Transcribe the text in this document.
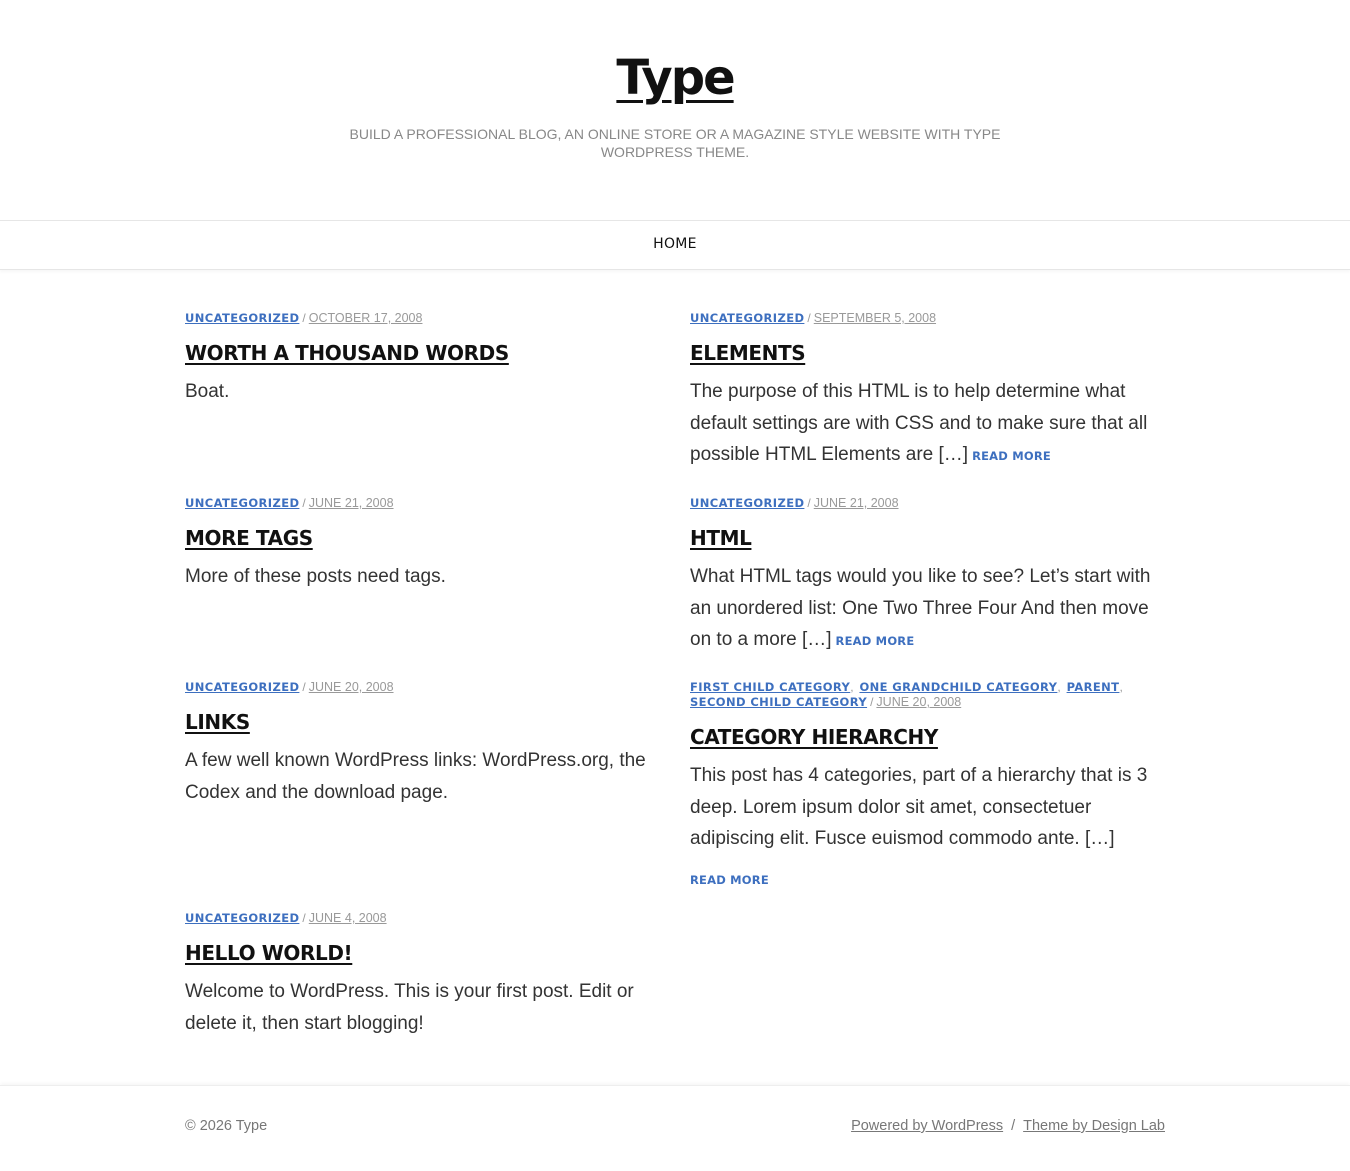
Type
BUILD A PROFESSIONAL BLOG, AN ONLINE STORE OR A MAGAZINE STYLE WEBSITE WITH TYPE WORDPRESS THEME.
HOME
UNCATEGORIZED / OCTOBER 17, 2008
WORTH A THOUSAND WORDS
Boat.
UNCATEGORIZED / SEPTEMBER 5, 2008
ELEMENTS
The purpose of this HTML is to help determine what default settings are with CSS and to make sure that all possible HTML Elements are […] READ MORE
UNCATEGORIZED / JUNE 21, 2008
MORE TAGS
More of these posts need tags.
UNCATEGORIZED / JUNE 21, 2008
HTML
What HTML tags would you like to see? Let’s start with an unordered list: One Two Three Four And then move on to a more […] READ MORE
UNCATEGORIZED / JUNE 20, 2008
LINKS
A few well known WordPress links: WordPress.org, the Codex and the download page.
FIRST CHILD CATEGORY, ONE GRANDCHILD CATEGORY, PARENT, SECOND CHILD CATEGORY / JUNE 20, 2008
CATEGORY HIERARCHY
This post has 4 categories, part of a hierarchy that is 3 deep. Lorem ipsum dolor sit amet, consectetuer adipiscing elit. Fusce euismod commodo ante. […]
READ MORE
UNCATEGORIZED / JUNE 4, 2008
HELLO WORLD!
Welcome to WordPress. This is your first post. Edit or delete it, then start blogging!
© 2026 Type	Powered by WordPress / Theme by Design Lab
